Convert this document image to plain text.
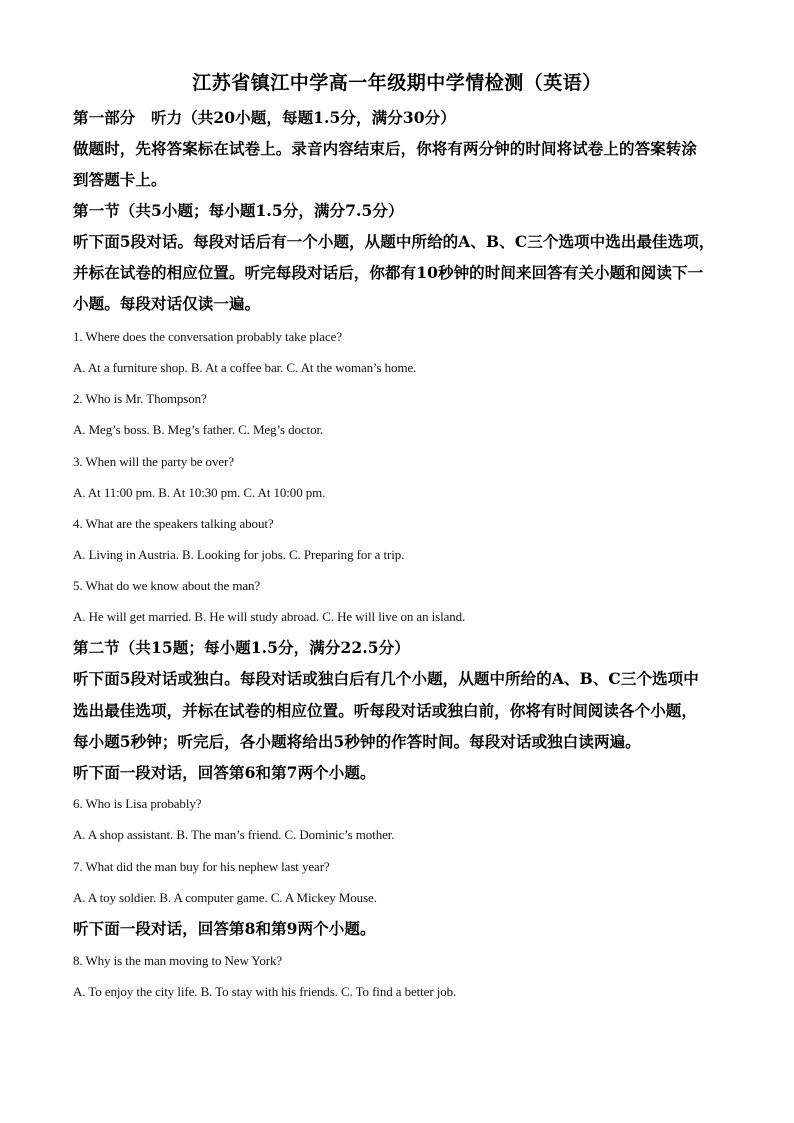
江苏省镇江中学高一年级期中学情检测（英语）
第一部分　听力（共20小题，每题1.5分，满分30分）
做题时，先将答案标在试卷上。录音内容结束后，你将有两分钟的时间将试卷上的答案转涂
到答题卡上。
第一节（共5小题；每小题1.5分，满分7.5分）
听下面5段对话。每段对话后有一个小题，从题中所给的A、B、C三个选项中选出最佳选项，
并标在试卷的相应位置。听完每段对话后，你都有10秒钟的时间来回答有关小题和阅读下一
小题。每段对话仅读一遍。
1. Where does the conversation probably take place?
A. At a furniture shop. B. At a coffee bar. C. At the woman’s home.
2. Who is Mr. Thompson?
A. Meg’s boss. B. Meg’s father. C. Meg’s doctor.
3. When will the party be over?
A. At 11:00 pm. B. At 10:30 pm. C. At 10:00 pm.
4. What are the speakers talking about?
A. Living in Austria. B. Looking for jobs. C. Preparing for a trip.
5. What do we know about the man?
A. He will get married. B. He will study abroad. C. He will live on an island.
第二节（共15题；每小题1.5分，满分22.5分）
听下面5段对话或独白。每段对话或独白后有几个小题，从题中所给的A、B、C三个选项中
选出最佳选项，并标在试卷的相应位置。听每段对话或独白前，你将有时间阅读各个小题，
每小题5秒钟；听完后，各小题将给出5秒钟的作答时间。每段对话或独白读两遍。
听下面一段对话，回答第6和第7两个小题。
6. Who is Lisa probably?
A. A shop assistant. B. The man’s friend. C. Dominic’s mother.
7. What did the man buy for his nephew last year?
A. A toy soldier. B. A computer game. C. A Mickey Mouse.
听下面一段对话，回答第8和第9两个小题。
8. Why is the man moving to New York?
A. To enjoy the city life. B. To stay with his friends. C. To find a better job.
